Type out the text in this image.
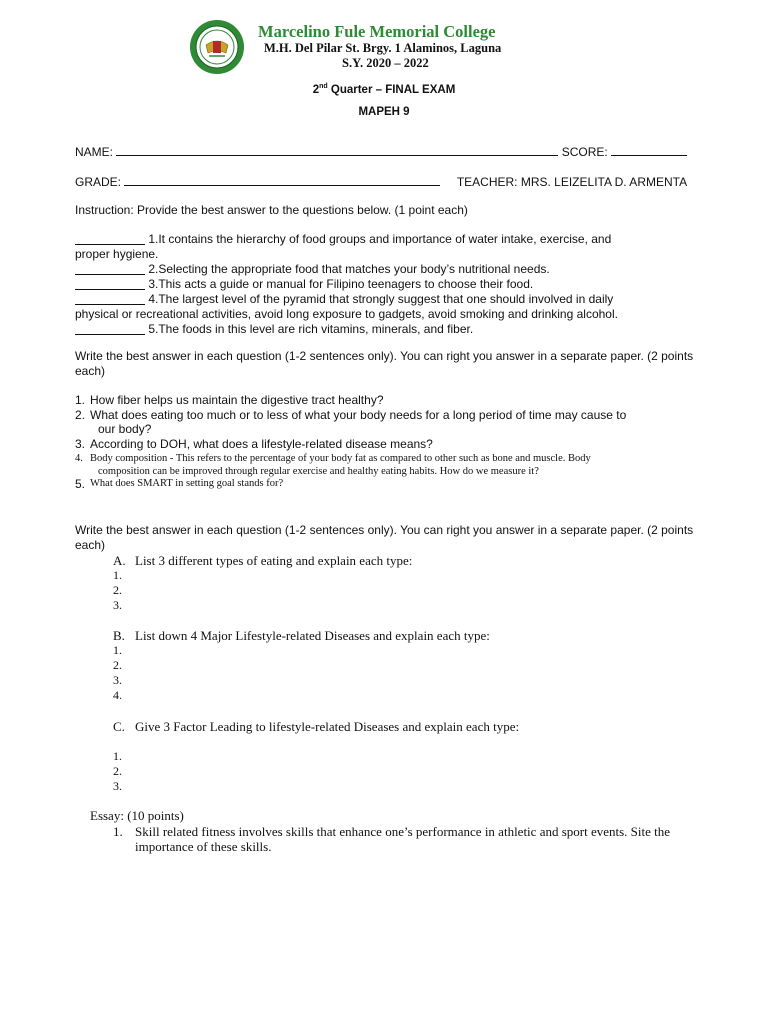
Marcelino Fule Memorial College
M.H. Del Pilar St. Brgy. 1 Alaminos, Laguna
S.Y. 2020 – 2022
2nd Quarter – FINAL EXAM
MAPEH 9
NAME:	SCORE:
GRADE:	TEACHER: MRS. LEIZELITA D. ARMENTA
Instruction: Provide the best answer to the questions below. (1 point each)
1.It contains the hierarchy of food groups and importance of water intake, exercise, and
proper hygiene.
2.Selecting the appropriate food that matches your body’s nutritional needs.
3.This acts a guide or manual for Filipino teenagers to choose their food.
4.The largest level of the pyramid that strongly suggest that one should involved in daily
physical or recreational activities, avoid long exposure to gadgets, avoid smoking and drinking alcohol.
5.The foods in this level are rich vitamins, minerals, and fiber.
Write the best answer in each question (1-2 sentences only). You can right you answer in a separate paper. (2 points each)
1. How fiber helps us maintain the digestive tract healthy?
2. What does eating too much or to less of what your body needs for a long period of time may cause to
our body?
3. According to DOH, what does a lifestyle-related disease means?
4. Body composition - This refers to the percentage of your body fat as compared to other such as bone and muscle. Body
composition can be improved through regular exercise and healthy eating habits. How do we measure it?
5. What does SMART in setting goal stands for?
Write the best answer in each question (1-2 sentences only). You can right you answer in a separate paper. (2 points each)
A. List 3 different types of eating and explain each type:
1.
2.
3.
B. List down 4 Major Lifestyle-related Diseases and explain each type:
1.
2.
3.
4.
C. Give 3 Factor Leading to lifestyle-related Diseases and explain each type:
1.
2.
3.
Essay: (10 points)
1. Skill related fitness involves skills that enhance one’s performance in athletic and sport events. Site the importance of these skills.
